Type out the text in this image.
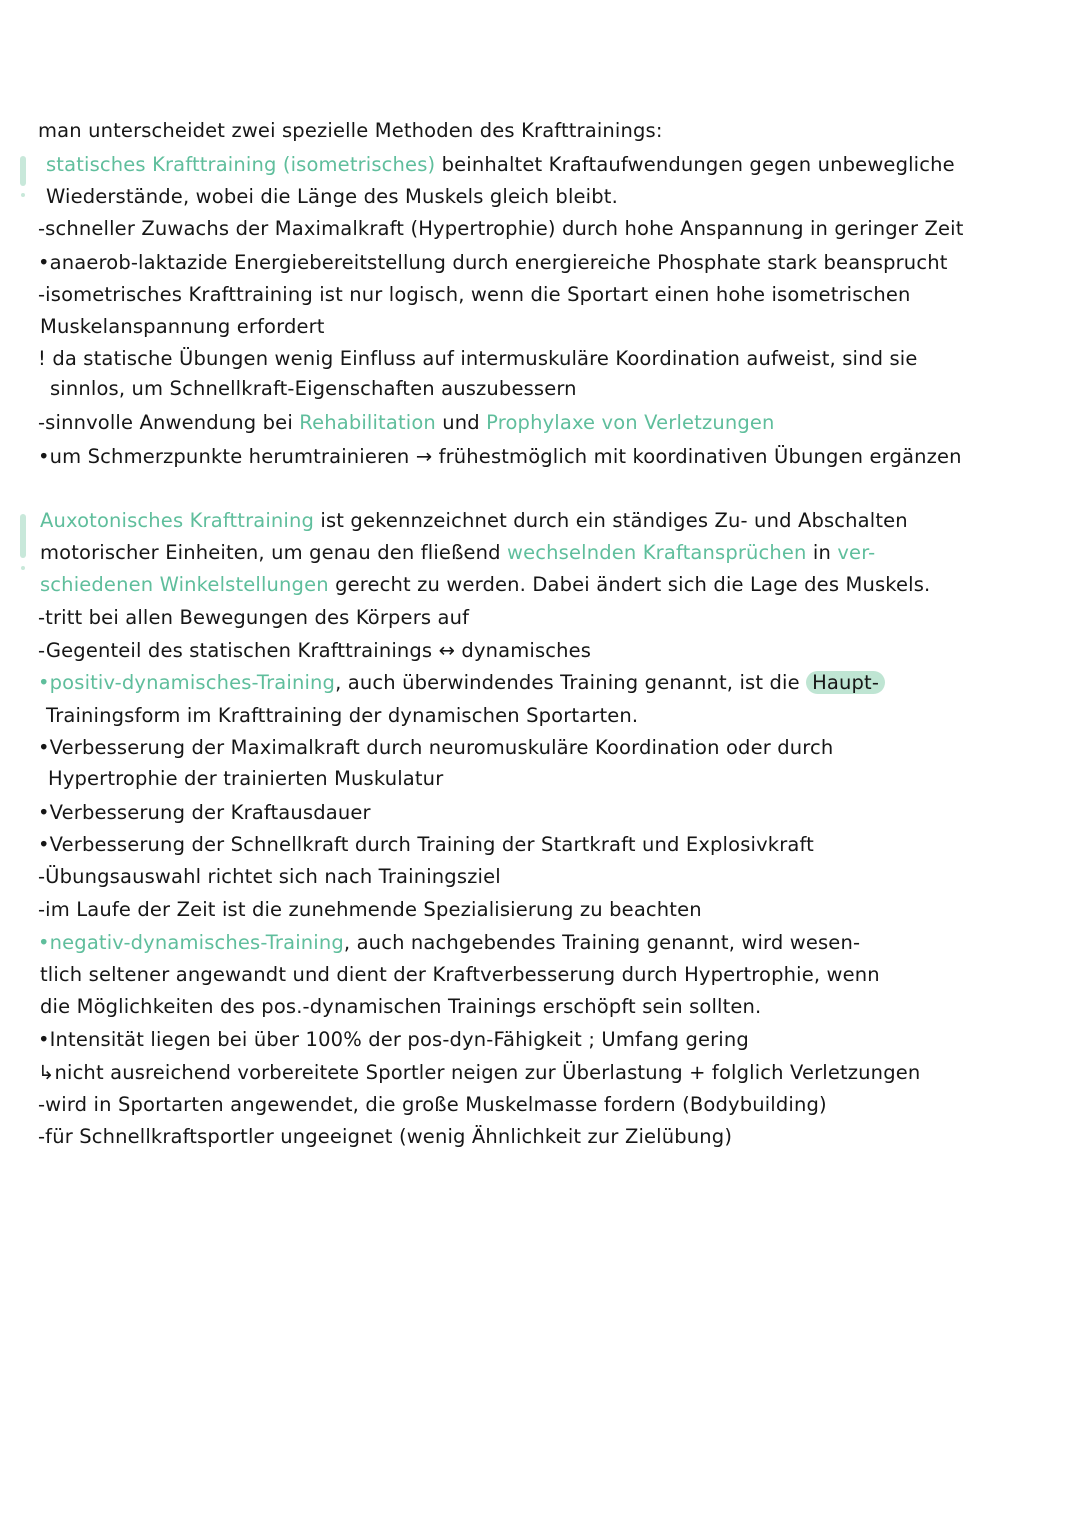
man unterscheidet zwei spezielle Methoden des Krafttrainings:
statisches Krafttraining (isometrisches) beinhaltet Kraftaufwendungen gegen unbewegliche
Wiederstände, wobei die Länge des Muskels gleich bleibt.
-schneller Zuwachs der Maximalkraft (Hypertrophie) durch hohe Anspannung in geringer Zeit
•anaerob-laktazide Energiebereitstellung durch energiereiche Phosphate stark beansprucht
-isometrisches Krafttraining ist nur logisch, wenn die Sportart einen hohe isometrischen
Muskelanspannung erfordert
! da statische Übungen wenig Einfluss auf intermuskuläre Koordination aufweist, sind sie
sinnlos, um Schnellkraft-Eigenschaften auszubessern
-sinnvolle Anwendung bei Rehabilitation und Prophylaxe von Verletzungen
•um Schmerzpunkte herumtrainieren → frühestmöglich mit koordinativen Übungen ergänzen
Auxotonisches Krafttraining ist gekennzeichnet durch ein ständiges Zu- und Abschalten
motorischer Einheiten, um genau den fließend wechselnden Kraftansprüchen in ver-
schiedenen Winkelstellungen gerecht zu werden. Dabei ändert sich die Lage des Muskels.
-tritt bei allen Bewegungen des Körpers auf
-Gegenteil des statischen Krafttrainings ↔ dynamisches
•positiv-dynamisches-Training, auch überwindendes Training genannt, ist die Haupt-
Trainingsform im Krafttraining der dynamischen Sportarten.
•Verbesserung der Maximalkraft durch neuromuskuläre Koordination oder durch
Hypertrophie der trainierten Muskulatur
•Verbesserung der Kraftausdauer
•Verbesserung der Schnellkraft durch Training der Startkraft und Explosivkraft
-Übungsauswahl richtet sich nach Trainingsziel
-im Laufe der Zeit ist die zunehmende Spezialisierung zu beachten
•negativ-dynamisches-Training, auch nachgebendes Training genannt, wird wesen-
tlich seltener angewandt und dient der Kraftverbesserung durch Hypertrophie, wenn
die Möglichkeiten des pos.-dynamischen Trainings erschöpft sein sollten.
•Intensität liegen bei über 100% der pos-dyn-Fähigkeit ; Umfang gering
↳nicht ausreichend vorbereitete Sportler neigen zur Überlastung + folglich Verletzungen
-wird in Sportarten angewendet, die große Muskelmasse fordern (Bodybuilding)
-für Schnellkraftsportler ungeeignet (wenig Ähnlichkeit zur Zielübung)
